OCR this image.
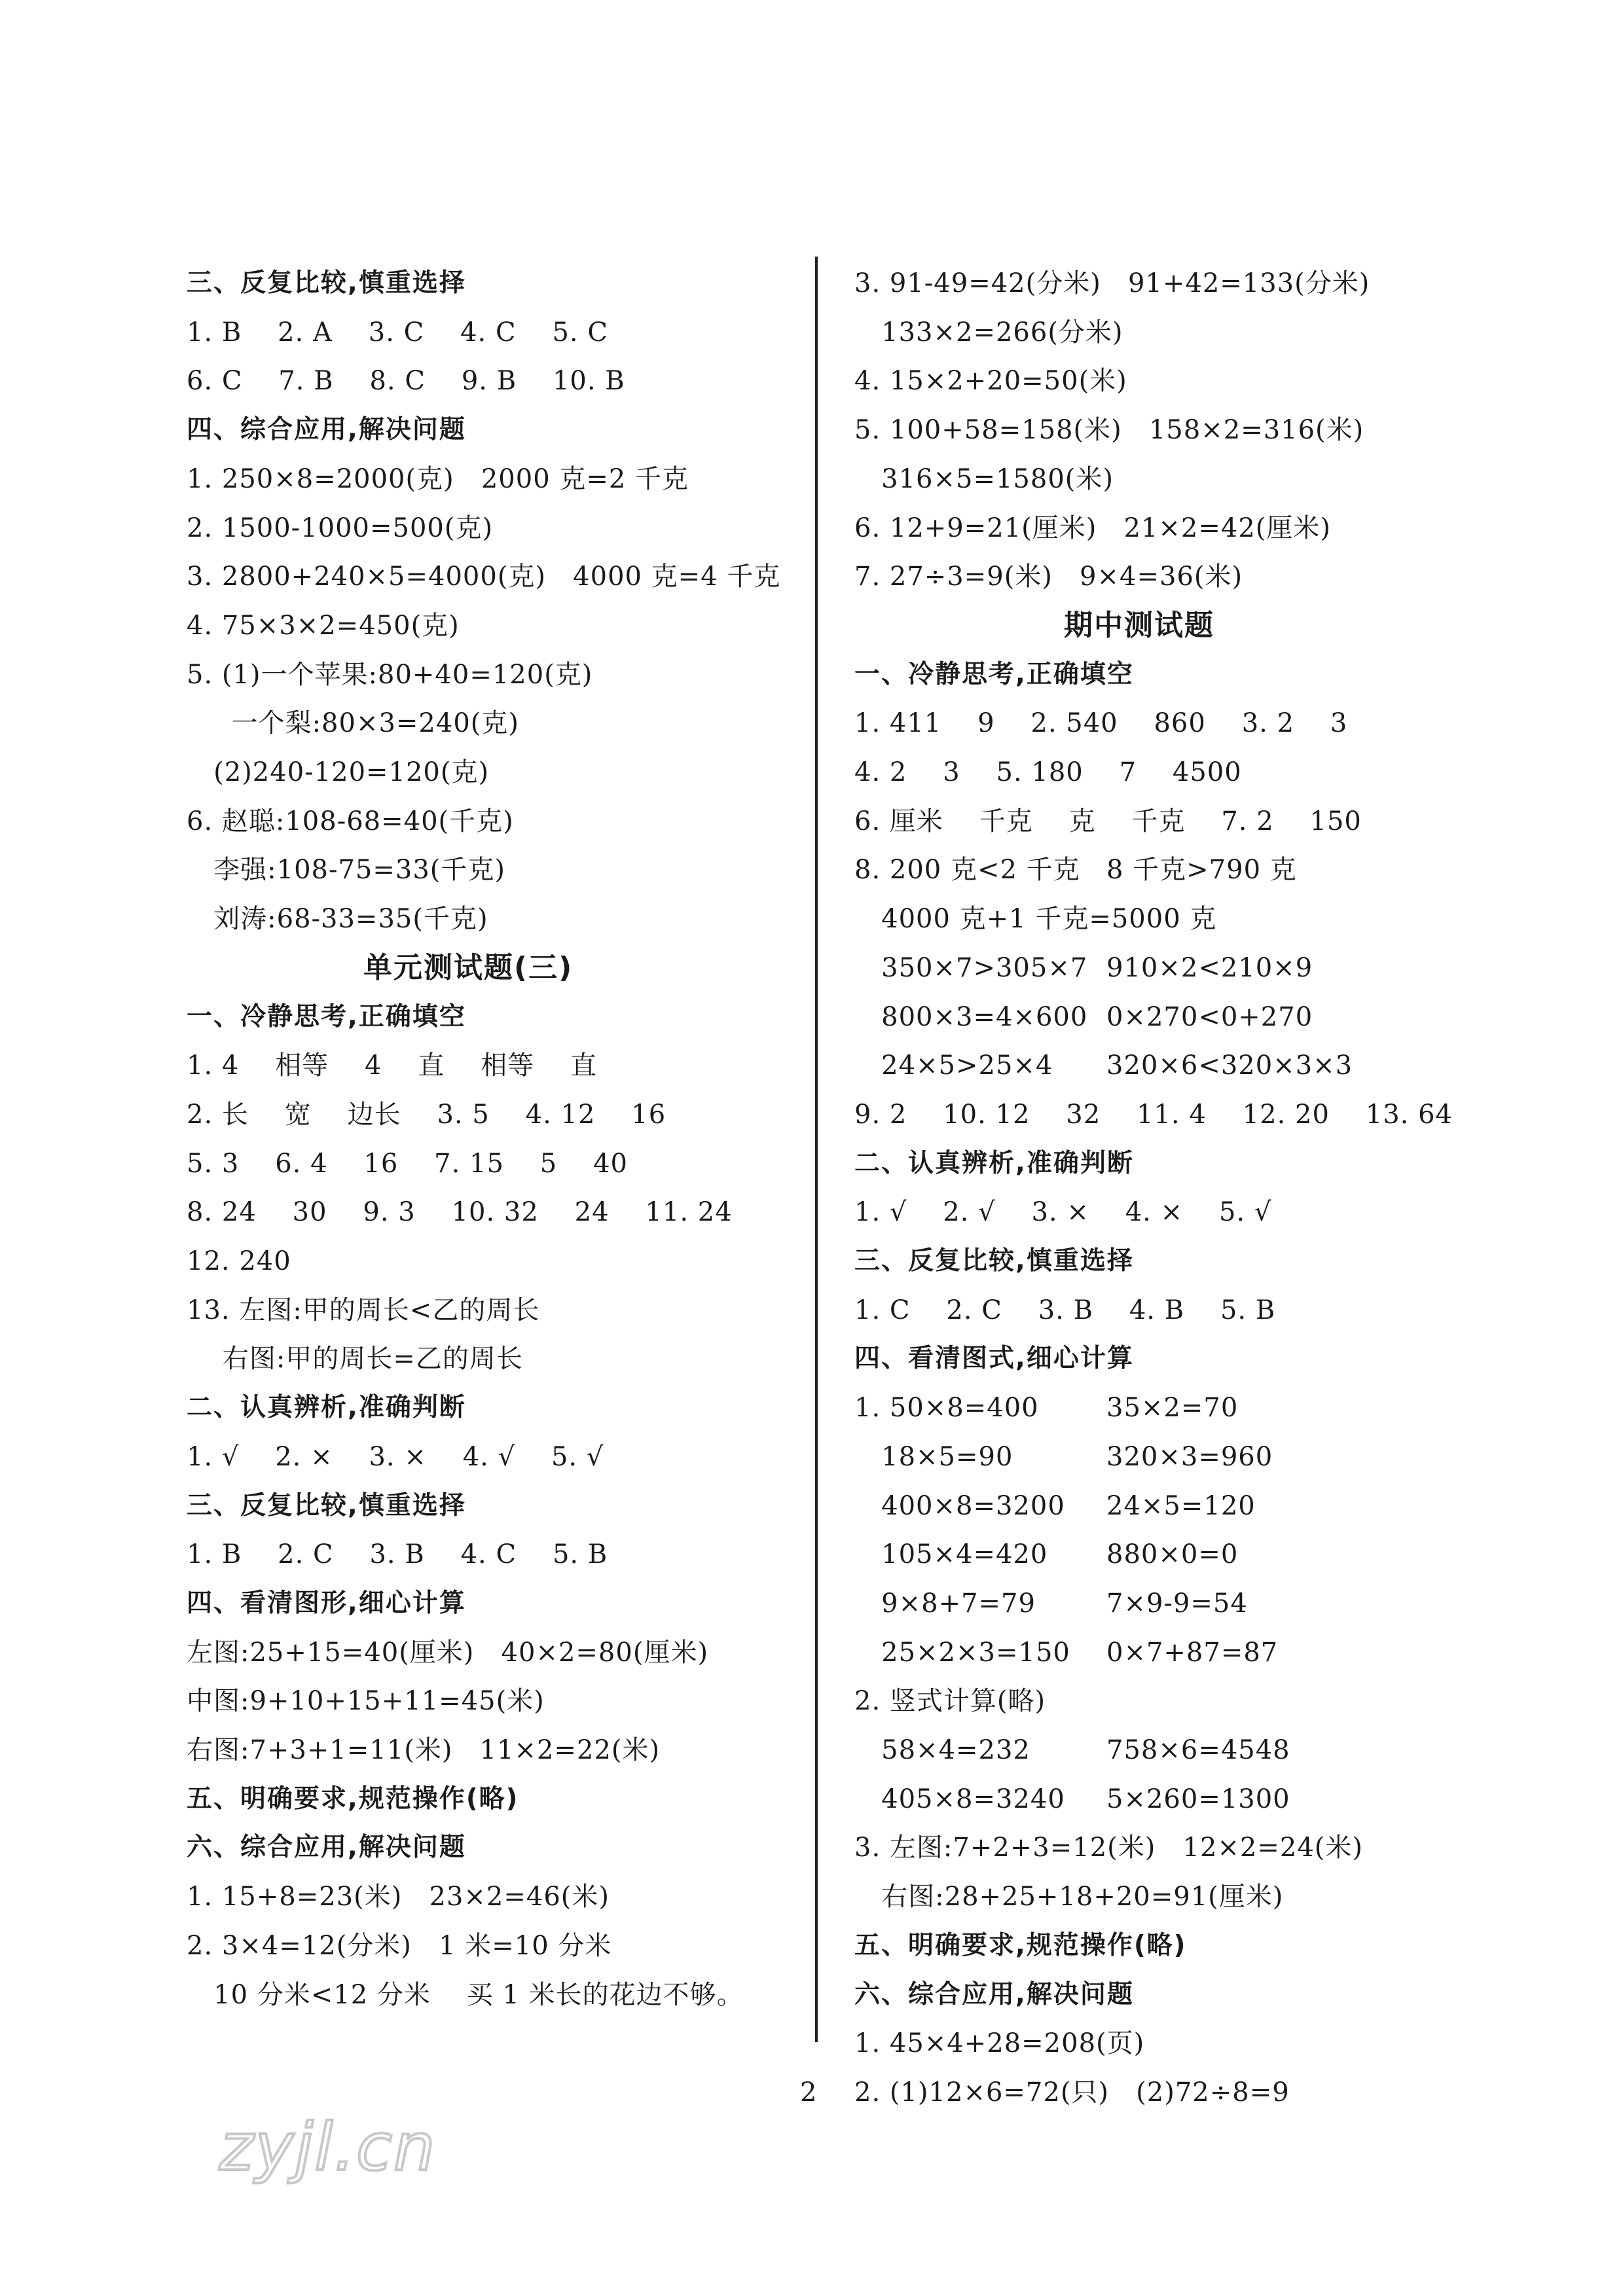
三、反复比较,慎重选择
1. B    2. A    3. C    4. C    5. C
6. C    7. B    8. C    9. B    10. B
四、综合应用,解决问题
1. 250×8=2000(克)   2000 克=2 千克
2. 1500-1000=500(克)
3. 2800+240×5=4000(克)   4000 克=4 千克
4. 75×3×2=450(克)
5. (1)一个苹果:80+40=120(克)
一个梨:80×3=240(克)
(2)240-120=120(克)
6. 赵聪:108-68=40(千克)
李强:108-75=33(千克)
刘涛:68-33=35(千克)
单元测试题(三)
一、冷静思考,正确填空
1. 4    相等    4    直    相等    直
2. 长    宽    边长    3. 5    4. 12    16
5. 3    6. 4    16    7. 15    5    40
8. 24    30    9. 3    10. 32    24    11. 24
12. 240
13. 左图:甲的周长<乙的周长
右图:甲的周长=乙的周长
二、认真辨析,准确判断
1. √    2. ×    3. ×    4. √    5. √
三、反复比较,慎重选择
1. B    2. C    3. B    4. C    5. B
四、看清图形,细心计算
左图:25+15=40(厘米)   40×2=80(厘米)
中图:9+10+15+11=45(米)
右图:7+3+1=11(米)   11×2=22(米)
五、明确要求,规范操作(略)
六、综合应用,解决问题
1. 15+8=23(米)   23×2=46(米)
2. 3×4=12(分米)   1 米=10 分米
10 分米<12 分米    买 1 米长的花边不够。
3. 91-49=42(分米)   91+42=133(分米)
133×2=266(分米)
4. 15×2+20=50(米)
5. 100+58=158(米)   158×2=316(米)
316×5=1580(米)
6. 12+9=21(厘米)   21×2=42(厘米)
7. 27÷3=9(米)   9×4=36(米)
期中测试题
一、冷静思考,正确填空
1. 411    9    2. 540    860    3. 2    3
4. 2    3    5. 180    7    4500
6. 厘米    千克    克    千克    7. 2    150
8. 200 克<2 千克 8 千克>790 克
4000 克+1 千克=5000 克
350×7>305×7 910×2<210×9
800×3=4×600 0×270<0+270
24×5>25×4 320×6<320×3×3
9. 2    10. 12    32    11. 4    12. 20    13. 64
二、认真辨析,准确判断
1. √    2. √    3. ×    4. ×    5. √
三、反复比较,慎重选择
1. C    2. C    3. B    4. B    5. B
四、看清图式,细心计算
1. 50×8=400	35×2=70
18×5=90	320×3=960
400×8=3200 24×5=120
105×4=420 880×0=0
9×8+7=79	7×9-9=54
25×2×3=150 0×7+87=87
2. 竖式计算(略)
58×4=232	758×6=4548
405×8=3240 5×260=1300
3. 左图:7+2+3=12(米)   12×2=24(米)
右图:28+25+18+20=91(厘米)
五、明确要求,规范操作(略)
六、综合应用,解决问题
1. 45×4+28=208(页)
2. (1)12×6=72(只)   (2)72÷8=9
2
zyjl.cn
